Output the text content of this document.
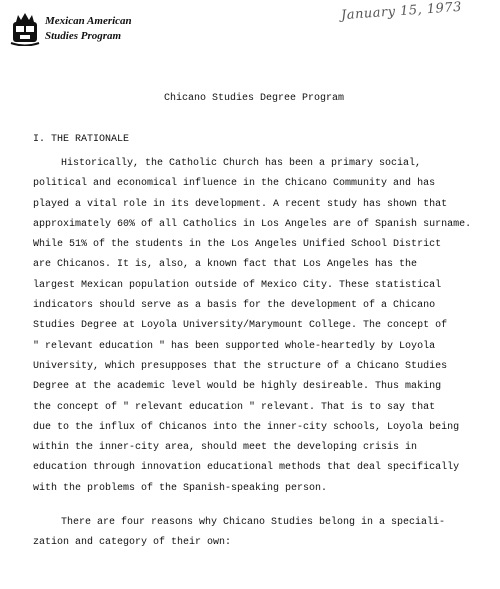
Mexican American
Studies Program
January 15, 1973
Chicano Studies Degree Program
I. THE RATIONALE
Historically, the Catholic Church has been a primary social,
political and economical influence in the Chicano Community and has
played a vital role in its development. A recent study has shown that
approximately 60% of all Catholics in Los Angeles are of Spanish surname.
While 51% of the students in the Los Angeles Unified School District
are Chicanos. It is, also, a known fact that Los Angeles has the
largest Mexican population outside of Mexico City. These statistical
indicators should serve as a basis for the development of a Chicano
Studies Degree at Loyola University/Marymount College. The concept of
" relevant education " has been supported whole-heartedly by Loyola
University, which presupposes that the structure of a Chicano Studies
Degree at the academic level would be highly desireable. Thus making
the concept of " relevant education " relevant. That is to say that
due to the influx of Chicanos into the inner-city schools, Loyola being
within the inner-city area, should meet the developing crisis in
education through innovation educational methods that deal specifically
with the problems of the Spanish-speaking person.
There are four reasons why Chicano Studies belong in a speciali-
zation and category of their own:
